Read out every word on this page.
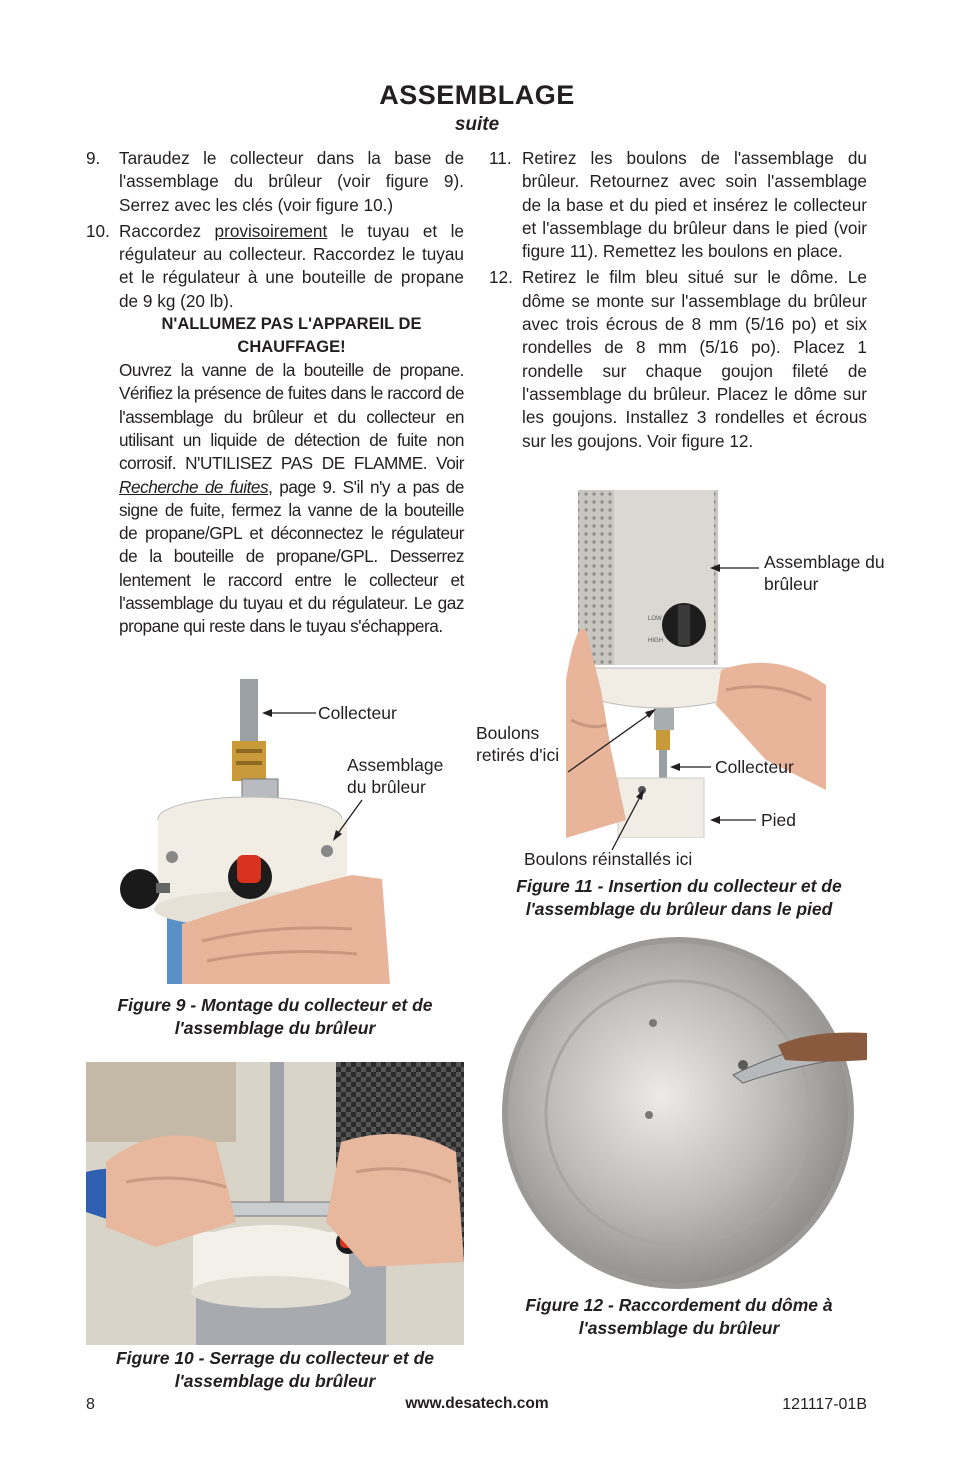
ASSEMBLAGE
suite
9. Taraudez le collecteur dans la base de l'assemblage du brûleur (voir figure 9). Serrez avec les clés (voir figure 10.)
10. Raccordez provisoirement le tuyau et le régulateur au collecteur. Raccordez le tuyau et le régulateur à une bouteille de propane de 9 kg (20 lb).

N'ALLUMEZ PAS L'APPAREIL DE CHAUFFAGE!

Ouvrez la vanne de la bouteille de propane. Vérifiez la présence de fuites dans le raccord de l'assemblage du brûleur et du collecteur en utilisant un liquide de détection de fuite non corrosif. N'UTILISEZ PAS DE FLAMME. Voir Recherche de fuites, page 9. S'il n'y a pas de signe de fuite, fermez la vanne de la bouteille de propane/GPL et déconnectez le régulateur de la bouteille de propane/GPL. Desserrez lentement le raccord entre le collecteur et l'assemblage du tuyau et du régulateur. Le gaz propane qui reste dans le tuyau s'échappera.
11. Retirez les boulons de l'assemblage du brûleur. Retournez avec soin l'assemblage de la base et du pied et insérez le collecteur et l'assemblage du brûleur dans le pied (voir figure 11). Remettez les boulons en place.
12. Retirez le film bleu situé sur le dôme. Le dôme se monte sur l'assemblage du brûleur avec trois écrous de 8 mm (5/16 po) et six rondelles de 8 mm (5/16 po). Placez 1 rondelle sur chaque goujon fileté de l'assemblage du brûleur. Placez le dôme sur les goujons. Installez 3 rondelles et écrous sur les goujons. Voir figure 12.
Collecteur
Assemblage du brûleur
Figure 9 - Montage du collecteur et de l'assemblage du brûleur
Figure 10 - Serrage du collecteur et de l'assemblage du brûleur
LOW
HIGH
Assemblage du brûleur
Boulons retirés d'ici
Collecteur
Pied
Boulons réinstallés ici
Figure 11 - Insertion du collecteur et de l'assemblage du brûleur dans le pied
Figure 12 - Raccordement du dôme à l'assemblage du brûleur
8	www.desatech.com	121117-01B
